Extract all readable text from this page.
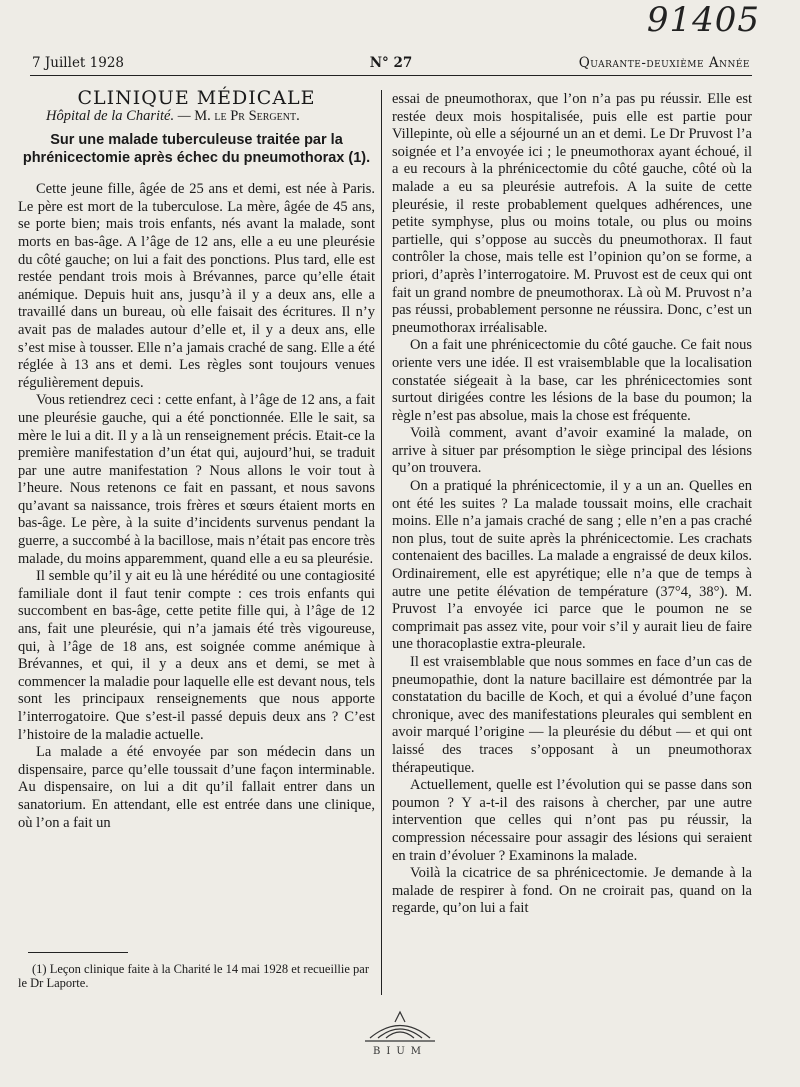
91405
7 Juillet 1928	N° 27	Quarante-deuxième Année

CLINIQUE MÉDICALE

Hôpital de la Charité. — M. le Pr Sergent.

Sur une malade tuberculeuse traitée par la phrénicectomie après échec du pneumothorax (1).

Cette jeune fille, âgée de 25 ans et demi, est née à Paris. Le père est mort de la tuberculose. La mère, âgée de 45 ans, se porte bien; mais trois enfants, nés avant la malade, sont morts en bas-âge. A l’âge de 12 ans, elle a eu une pleurésie du côté gauche; on lui a fait des ponctions. Plus tard, elle est restée pendant trois mois à Brévannes, parce qu’elle était anémique. Depuis huit ans, jusqu’à il y a deux ans, elle a travaillé dans un bureau, où elle faisait des écritures. Il n’y avait pas de malades autour d’elle et, il y a deux ans, elle s’est mise à tousser. Elle n’a jamais craché de sang. Elle a été réglée à 13 ans et demi. Les règles sont toujours venues régulièrement depuis.

Vous retiendrez ceci : cette enfant, à l’âge de 12 ans, a fait une pleurésie gauche, qui a été ponctionnée. Elle le sait, sa mère le lui a dit. Il y a là un renseignement précis. Etait-ce la première manifestation d’un état qui, aujourd’hui, se traduit par une autre manifestation ? Nous allons le voir tout à l’heure. Nous retenons ce fait en passant, et nous savons qu’avant sa naissance, trois frères et sœurs étaient morts en bas-âge. Le père, à la suite d’incidents survenus pendant la guerre, a succombé à la bacillose, mais n’était pas encore très malade, du moins apparemment, quand elle a eu sa pleurésie.

Il semble qu’il y ait eu là une hérédité ou une contagiosité familiale dont il faut tenir compte : ces trois enfants qui succombent en bas-âge, cette petite fille qui, à l’âge de 12 ans, fait une pleurésie, qui n’a jamais été très vigoureuse, qui, à l’âge de 18 ans, est soignée comme anémique à Brévannes, et qui, il y a deux ans et demi, se met à commencer la maladie pour laquelle elle est devant nous, tels sont les principaux renseignements que nous apporte l’interrogatoire. Que s’est-il passé depuis deux ans ? C’est l’histoire de la maladie actuelle.

La malade a été envoyée par son médecin dans un dispensaire, parce qu’elle toussait d’une façon interminable. Au dispensaire, on lui a dit qu’il fallait entrer dans un sanatorium. En attendant, elle est entrée dans une clinique, où l’on a fait un

essai de pneumothorax, que l’on n’a pas pu réussir. Elle est restée deux mois hospitalisée, puis elle est partie pour Villepinte, où elle a séjourné un an et demi. Le Dr Pruvost l’a soignée et l’a envoyée ici ; le pneumothorax ayant échoué, il a eu recours à la phrénicectomie du côté gauche, côté où la malade a eu sa pleurésie autrefois. A la suite de cette pleurésie, il reste probablement quelques adhérences, une petite symphyse, plus ou moins totale, ou plus ou moins partielle, qui s’oppose au succès du pneumothorax. Il faut contrôler la chose, mais telle est l’opinion qu’on se forme, a priori, d’après l’interrogatoire. M. Pruvost est de ceux qui ont fait un grand nombre de pneumothorax. Là où M. Pruvost n’a pas réussi, probablement personne ne réussira. Donc, c’est un pneumothorax irréalisable.

On a fait une phrénicectomie du côté gauche. Ce fait nous oriente vers une idée. Il est vraisemblable que la localisation constatée siégeait à la base, car les phrénicectomies sont surtout dirigées contre les lésions de la base du poumon; la règle n’est pas absolue, mais la chose est fréquente.

Voilà comment, avant d’avoir examiné la malade, on arrive à situer par présomption le siège principal des lésions qu’on trouvera.

On a pratiqué la phrénicectomie, il y a un an. Quelles en ont été les suites ? La malade toussait moins, elle crachait moins. Elle n’a jamais craché de sang ; elle n’en a pas craché non plus, tout de suite après la phrénicectomie. Les crachats contenaient des bacilles. La malade a engraissé de deux kilos. Ordinairement, elle est apyrétique; elle n’a que de temps à autre une petite élévation de température (37°4, 38°). M. Pruvost l’a envoyée ici parce que le poumon ne se comprimait pas assez vite, pour voir s’il y aurait lieu de faire une thoracoplastie extra-pleurale.

Il est vraisemblable que nous sommes en face d’un cas de pneumopathie, dont la nature bacillaire est démontrée par la constatation du bacille de Koch, et qui a évolué d’une façon chronique, avec des manifestations pleurales qui semblent en avoir marqué l’origine — la pleurésie du début — et qui ont laissé des traces s’opposant à un pneumothorax thérapeutique.

Actuellement, quelle est l’évolution qui se passe dans son poumon ? Y a-t-il des raisons à chercher, par une autre intervention que celles qui n’ont pas pu réussir, la compression nécessaire pour assagir des lésions qui seraient en train d’évoluer ? Examinons la malade.

Voilà la cicatrice de sa phrénicectomie. Je demande à la malade de respirer à fond. On ne croirait pas, quand on la regarde, qu’on lui a fait

(1) Leçon clinique faite à la Charité le 14 mai 1928 et recueillie par le Dr Laporte.
BIUM
